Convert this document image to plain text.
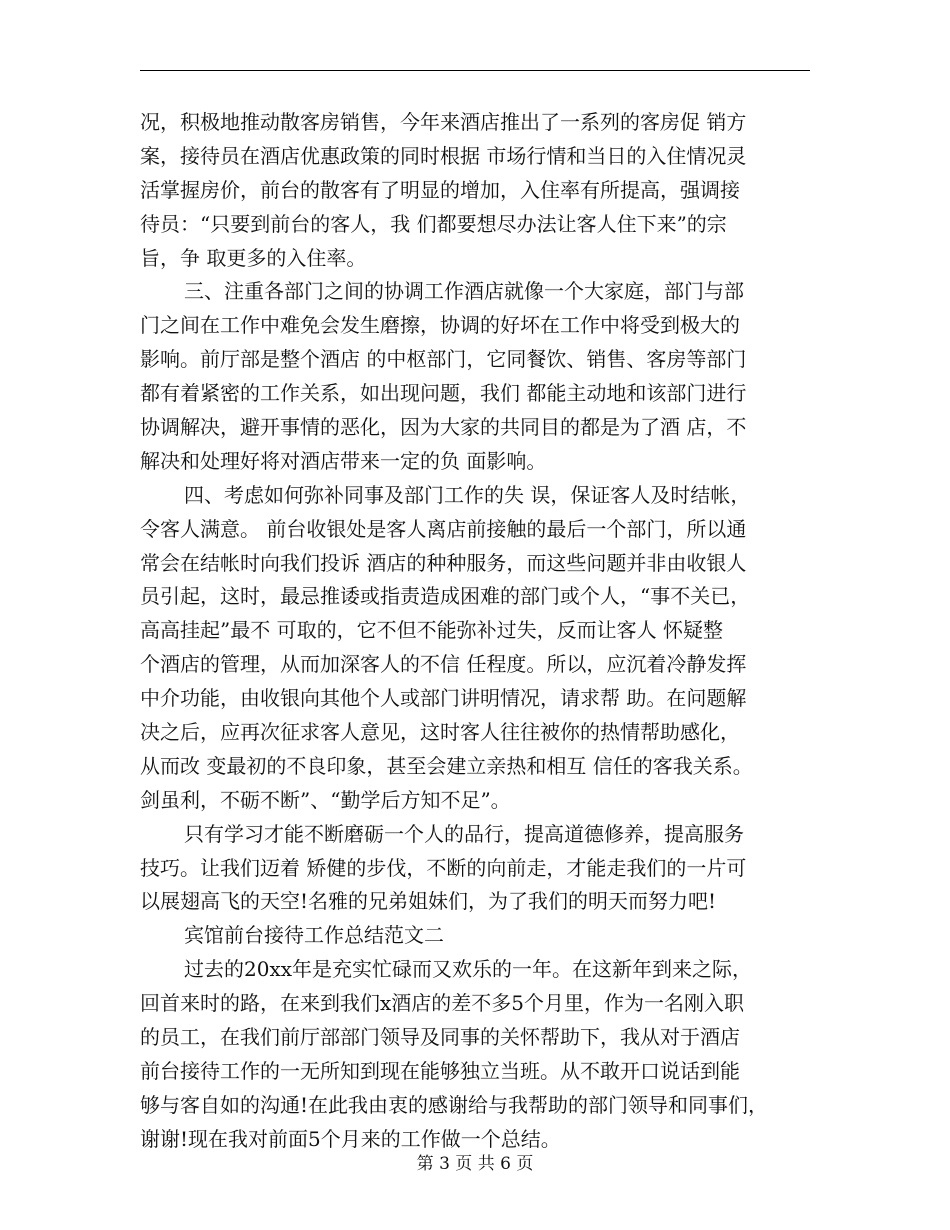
况，积极地推动散客房销售，今年来酒店推出了一系列的客房促 销方
案，接待员在酒店优惠政策的同时根据 市场行情和当日的入住情况灵
活掌握房价，前台的散客有了明显的增加，入住率有所提高，强调接
待员：“只要到前台的客人，我 们都要想尽办法让客人住下来”的宗
旨，争 取更多的入住率。
三、注重各部门之间的协调工作酒店就像一个大家庭，部门与部
门之间在工作中难免会发生磨擦，协调的好坏在工作中将受到极大的
影响。前厅部是整个酒店 的中枢部门，它同餐饮、销售、客房等部门
都有着紧密的工作关系，如出现问题，我们 都能主动地和该部门进行
协调解决，避开事情的恶化，因为大家的共同目的都是为了酒 店，不
解决和处理好将对酒店带来一定的负 面影响。
四、考虑如何弥补同事及部门工作的失 误，保证客人及时结帐，
令客人满意。 前台收银处是客人离店前接触的最后一个部门，所以通
常会在结帐时向我们投诉 酒店的种种服务，而这些问题并非由收银人
员引起，这时，最忌推诿或指责造成困难的部门或个人，“事不关已，
高高挂起”最不 可取的，它不但不能弥补过失，反而让客人 怀疑整
个酒店的管理，从而加深客人的不信 任程度。所以，应沉着冷静发挥
中介功能，由收银向其他个人或部门讲明情况，请求帮 助。在问题解
决之后，应再次征求客人意见，这时客人往往被你的热情帮助感化，
从而改 变最初的不良印象，甚至会建立亲热和相互 信任的客我关系。
剑虽利，不砺不断”、“勤学后方知不足”。
只有学习才能不断磨砺一个人的品行，提高道德修养，提高服务
技巧。让我们迈着 矫健的步伐，不断的向前走，才能走我们的一片可
以展翅高飞的天空!名雅的兄弟姐妹们，为了我们的明天而努力吧!
宾馆前台接待工作总结范文二
过去的20xx年是充实忙碌而又欢乐的一年。在这新年到来之际，
回首来时的路，在来到我们x酒店的差不多5个月里，作为一名刚入职
的员工，在我们前厅部部门领导及同事的关怀帮助下，我从对于酒店
前台接待工作的一无所知到现在能够独立当班。从不敢开口说话到能
够与客自如的沟通!在此我由衷的感谢给与我帮助的部门领导和同事们，
谢谢!现在我对前面5个月来的工作做一个总结。
第 3 页 共 6 页
